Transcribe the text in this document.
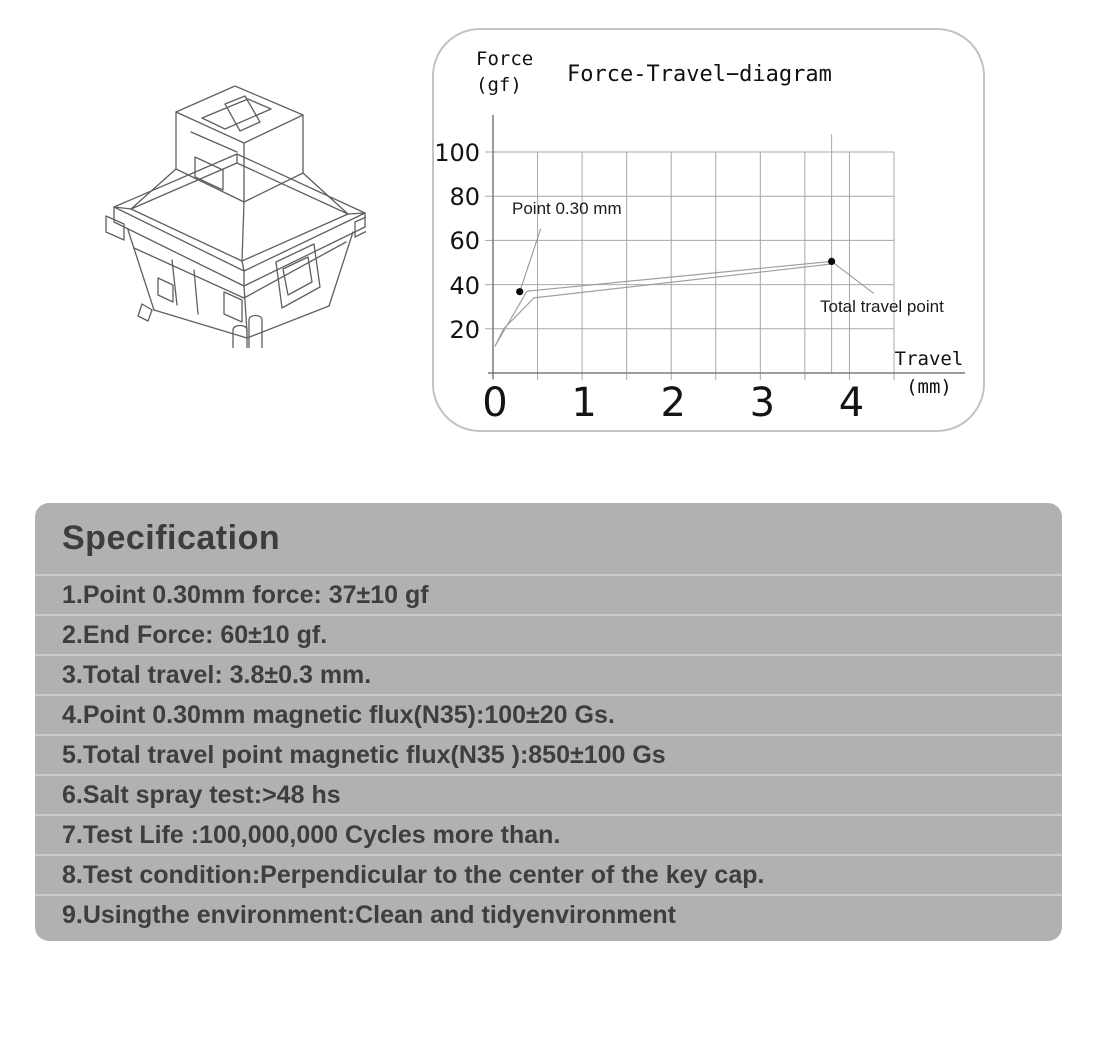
Force-Travel−diagram
Force
(gf)
Travel
(mm)
Point 0.30 mm
Total travel point
0 1 2 3 4
20
40
60
80
100
Specification
1.Point 0.30mm force: 37±10 gf
2.End Force: 60±10 gf.
3.Total travel: 3.8±0.3 mm.
4.Point 0.30mm magnetic flux(N35):100±20 Gs.
5.Total travel point magnetic flux(N35 ):850±100 Gs
6.Salt spray test:>48 hs
7.Test Life :100,000,000 Cycles more than.
8.Test condition:Perpendicular to the center of the key cap.
9.Usingthe environment:Clean and tidyenvironment
